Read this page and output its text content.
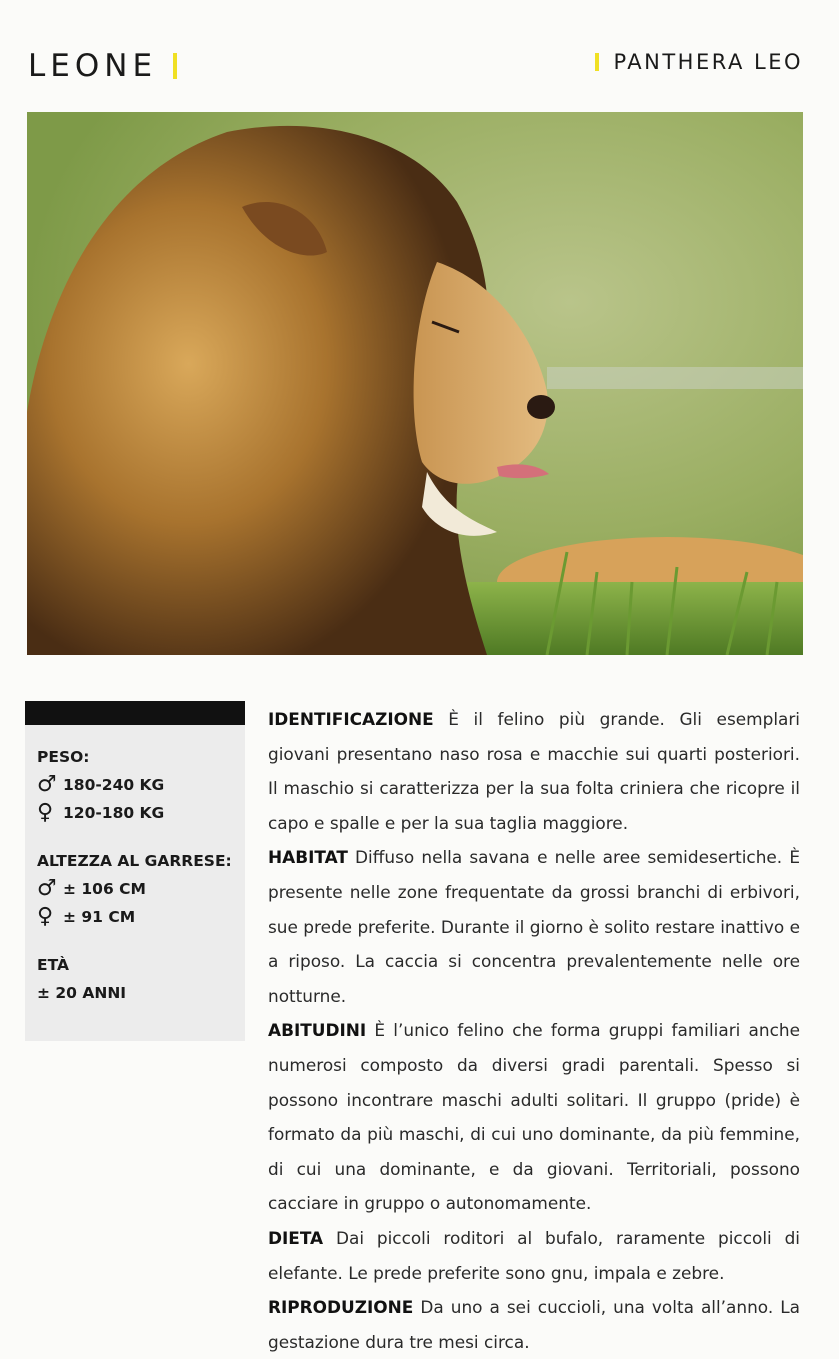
LEONE	PANTHERA LEO
PESO:
♂ 180-240 KG
♀ 120-180 KG
ALTEZZA AL GARRESE:
♂ ± 106 CM
♀ ± 91 CM
ETÀ
± 20 ANNI

IDENTIFICAZIONE È il felino più grande. Gli esemplari giovani presentano naso rosa e macchie sui quarti posteriori. Il maschio si caratterizza per la sua folta criniera che ricopre il capo e spalle e per la sua taglia maggiore.

HABITAT Diffuso nella savana e nelle aree semidesertiche. È presente nelle zone frequentate da grossi branchi di erbivori, sue prede preferite. Durante il giorno è solito restare inattivo e a riposo. La caccia si concentra prevalentemente nelle ore notturne.

ABITUDINI È l’unico felino che forma gruppi familiari anche numerosi composto da diversi gradi parentali. Spesso si possono incontrare maschi adulti solitari. Il gruppo (pride) è formato da più maschi, di cui uno dominante, da più femmine, di cui una dominante, e da giovani. Territoriali, possono cacciare in gruppo o autonomamente.

DIETA Dai piccoli roditori al bufalo, raramente piccoli di elefante. Le prede preferite sono gnu, impala e zebre.

RIPRODUZIONE Da uno a sei cuccioli, una volta all’anno. La gestazione dura tre mesi circa.
